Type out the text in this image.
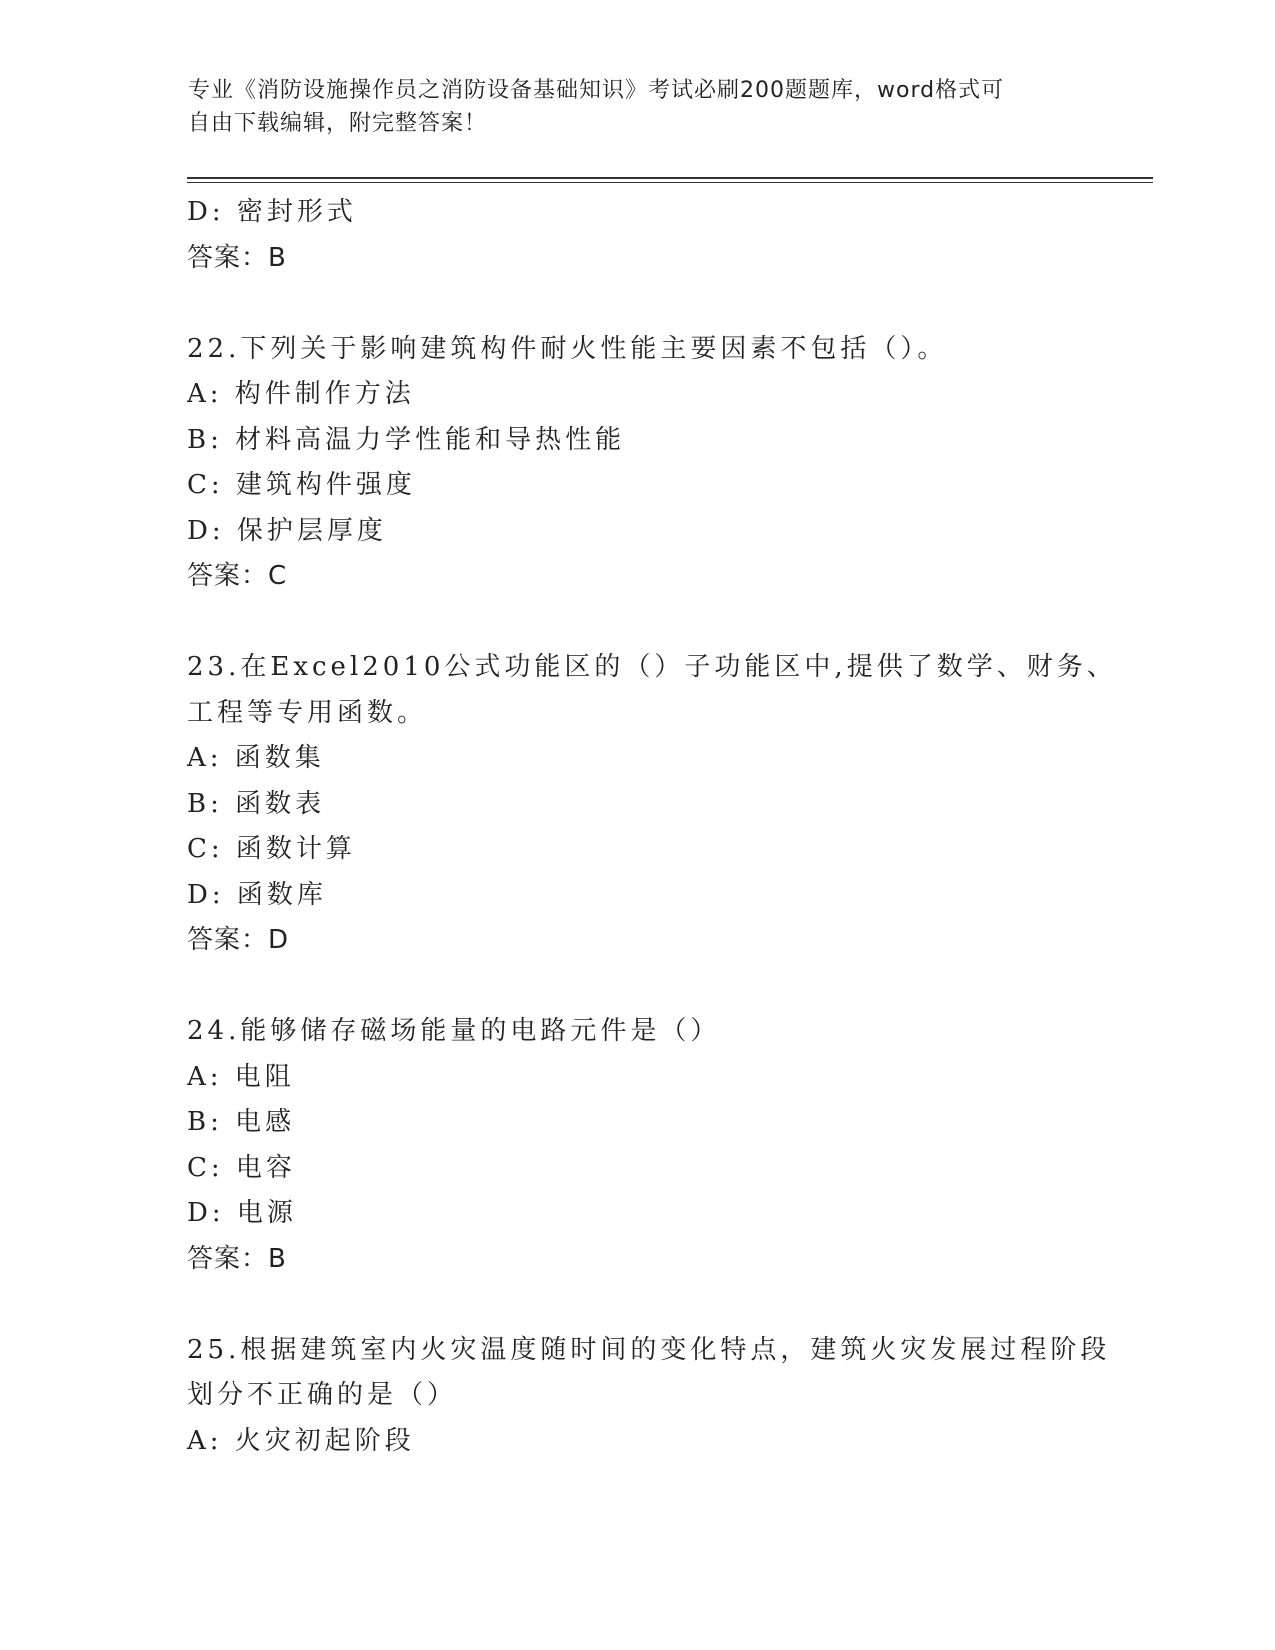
专业《消防设施操作员之消防设备基础知识》考试必刷200题题库，word格式可
自由下载编辑，附完整答案！
D: 密封形式
答案：B
22.下列关于影响建筑构件耐火性能主要因素不包括（）。
A: 构件制作方法
B: 材料高温力学性能和导热性能
C: 建筑构件强度
D: 保护层厚度
答案：C
23.在Excel2010公式功能区的（）子功能区中,提供了数学、财务、
工程等专用函数。
A: 函数集
B: 函数表
C: 函数计算
D: 函数库
答案：D
24.能够储存磁场能量的电路元件是（）
A: 电阻
B: 电感
C: 电容
D: 电源
答案：B
25.根据建筑室内火灾温度随时间的变化特点，建筑火灾发展过程阶段
划分不正确的是（）
A: 火灾初起阶段
